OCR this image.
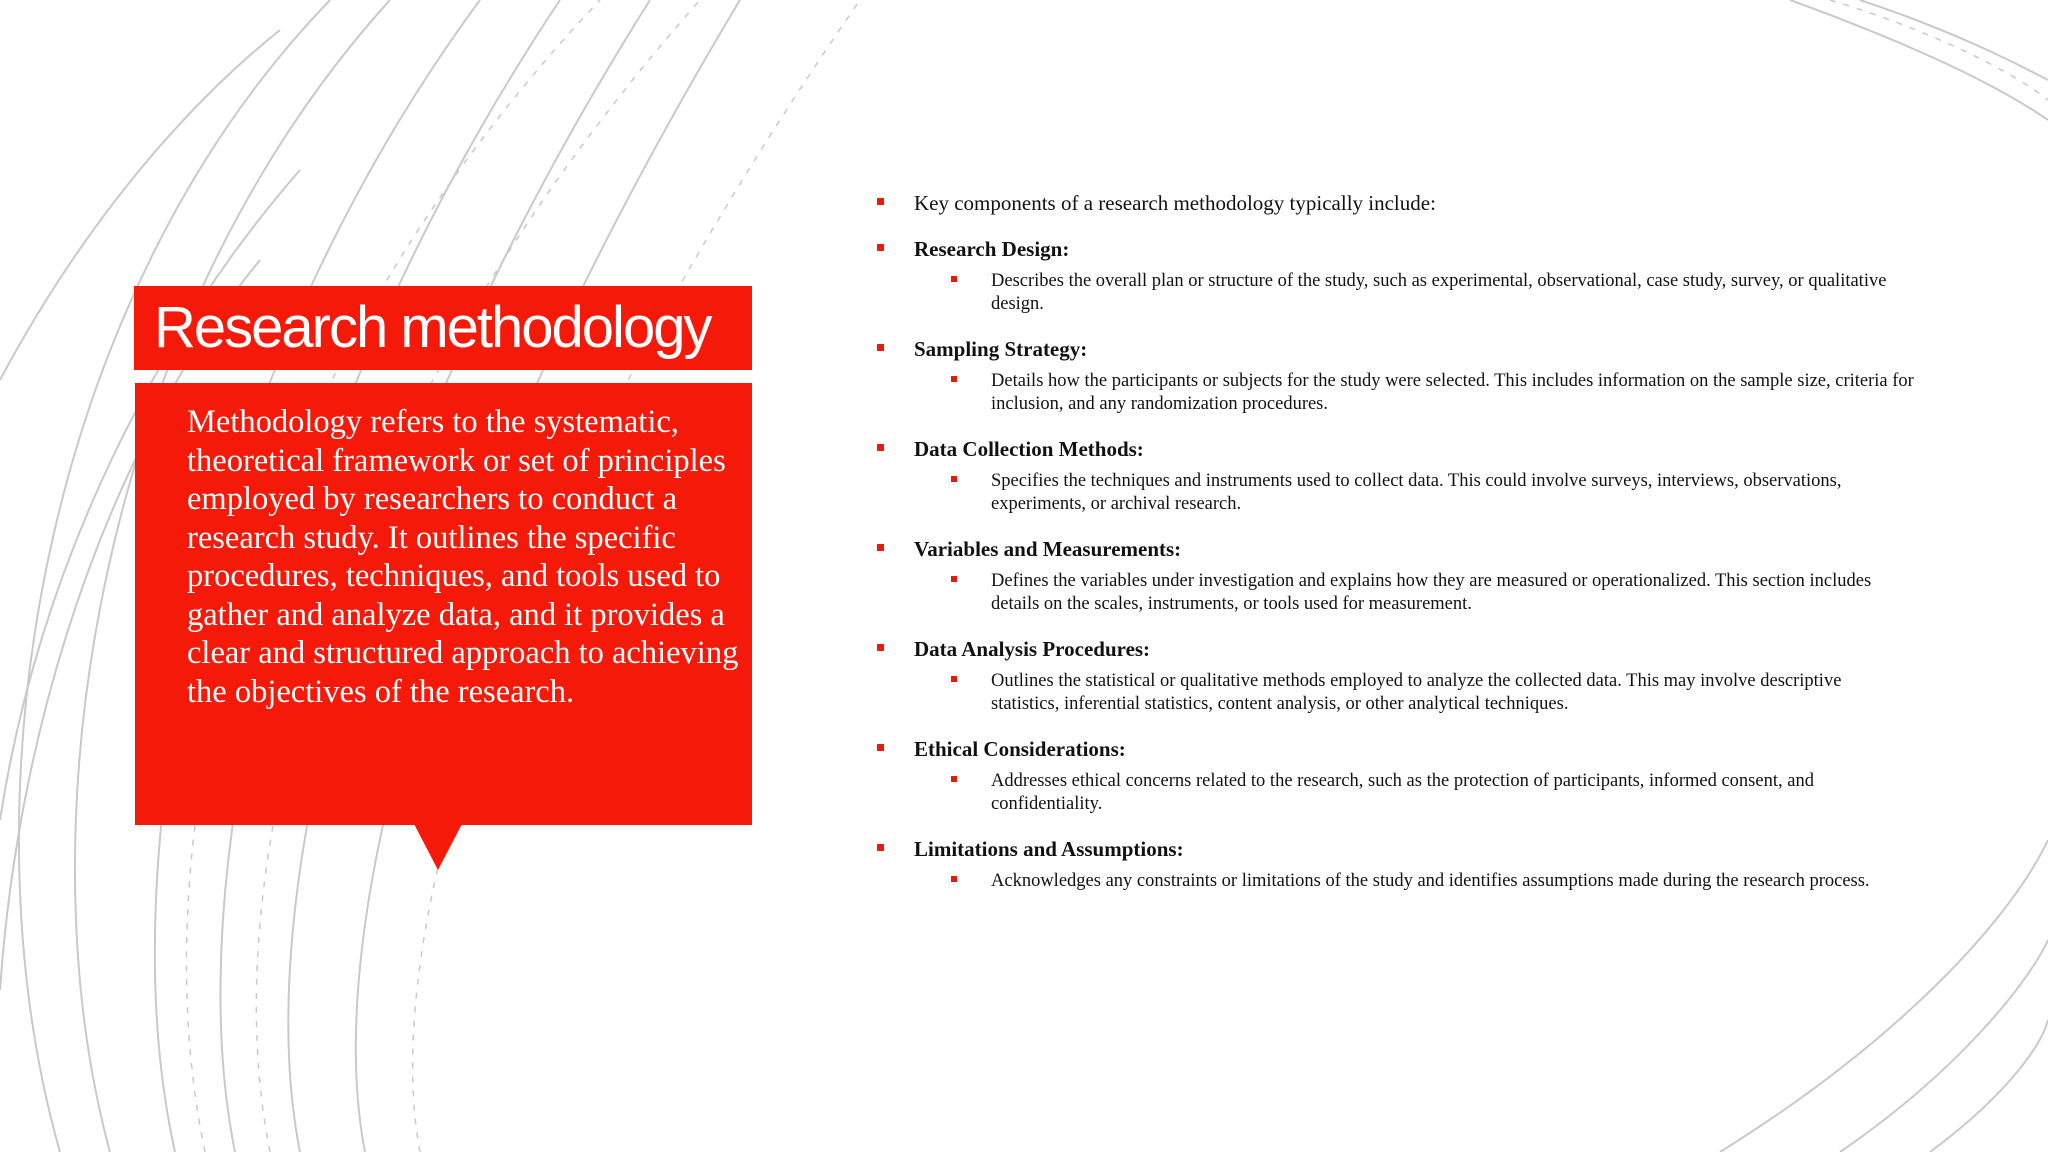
Research methodology

Methodology refers to the systematic, theoretical framework or set of principles employed by researchers to conduct a research study. It outlines the specific procedures, techniques, and tools used to gather and analyze data, and it provides a clear and structured approach to achieving the objectives of the research.

Key components of a research methodology typically include:
Research Design:
Describes the overall plan or structure of the study, such as experimental, observational, case study, survey, or qualitative design.
Sampling Strategy:
Details how the participants or subjects for the study were selected. This includes information on the sample size, criteria for inclusion, and any randomization procedures.
Data Collection Methods:
Specifies the techniques and instruments used to collect data. This could involve surveys, interviews, observations, experiments, or archival research.
Variables and Measurements:
Defines the variables under investigation and explains how they are measured or operationalized. This section includes details on the scales, instruments, or tools used for measurement.
Data Analysis Procedures:
Outlines the statistical or qualitative methods employed to analyze the collected data. This may involve descriptive statistics, inferential statistics, content analysis, or other analytical techniques.
Ethical Considerations:
Addresses ethical concerns related to the research, such as the protection of participants, informed consent, and confidentiality.
Limitations and Assumptions:
Acknowledges any constraints or limitations of the study and identifies assumptions made during the research process.
